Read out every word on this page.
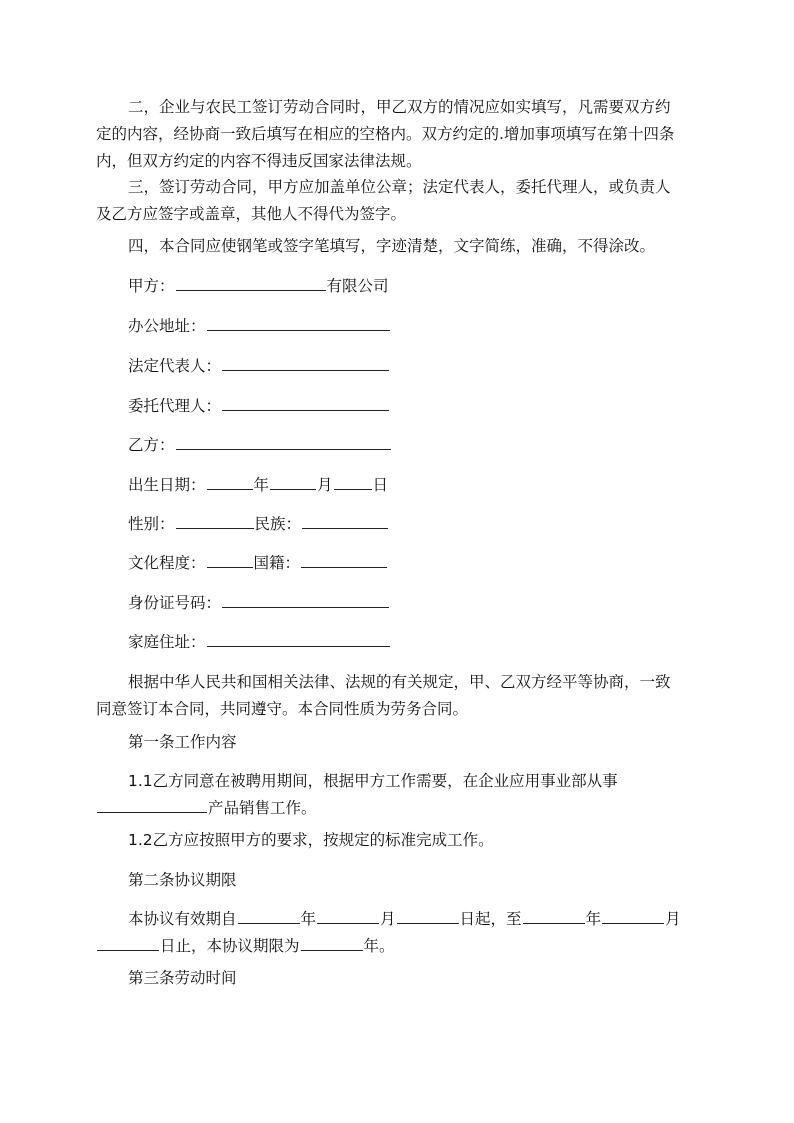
二，企业与农民工签订劳动合同时，甲乙双方的情况应如实填写，凡需要双方约
定的内容，经协商一致后填写在相应的空格内。双方约定的.增加事项填写在第十四条
内，但双方约定的内容不得违反国家法律法规。

三，签订劳动合同，甲方应加盖单位公章；法定代表人，委托代理人，或负责人
及乙方应签字或盖章，其他人不得代为签字。

四，本合同应使钢笔或签字笔填写，字迹清楚，文字简练，准确，不得涂改。

甲方：	有限公司

办公地址：

法定代表人：

委托代理人：

乙方：

出生日期：	年	月	日

性别：	民族：

文化程度：	国籍：

身份证号码：

家庭住址：

根据中华人民共和国相关法律、法规的有关规定，甲、乙双方经平等协商，一致
同意签订本合同，共同遵守。本合同性质为劳务合同。

第一条工作内容

1.1乙方同意在被聘用期间，根据甲方工作需要，在企业应用事业部从事
产品销售工作。

1.2乙方应按照甲方的要求，按规定的标准完成工作。

第二条协议期限

本协议有效期自	年	月	日起，至	年	月
日止，本协议期限为	年。

第三条劳动时间
